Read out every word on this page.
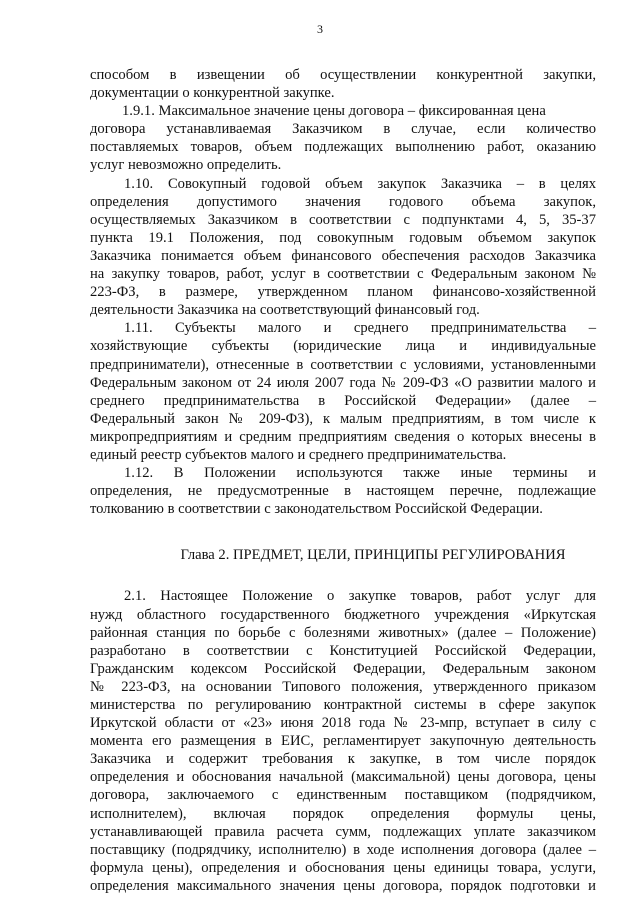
3
способом в извещении об осуществлении конкурентной закупки,
документации о конкурентной закупке.
1.9.1. Максимальное значение цены договора – фиксированная цена
договора устанавливаемая Заказчиком в случае, если количество
поставляемых товаров, объем подлежащих выполнению работ, оказанию
услуг невозможно определить.
1.10. Совокупный годовой объем закупок Заказчика – в целях
определения допустимого значения годового объема закупок,
осуществляемых Заказчиком в соответствии с подпунктами 4, 5, 35-37
пункта 19.1 Положения, под совокупным годовым объемом закупок
Заказчика понимается объем финансового обеспечения расходов Заказчика
на закупку товаров, работ, услуг в соответствии с Федеральным законом №
223-ФЗ, в размере, утвержденном планом финансово-хозяйственной
деятельности Заказчика на соответствующий финансовый год.
1.11. Субъекты малого и среднего предпринимательства –
хозяйствующие субъекты (юридические лица и индивидуальные
предприниматели), отнесенные в соответствии с условиями, установленными
Федеральным законом от 24 июля 2007 года № 209-ФЗ «О развитии малого и
среднего предпринимательства в Российской Федерации» (далее –
Федеральный закон № 209-ФЗ), к малым предприятиям, в том числе к
микропредприятиям и средним предприятиям сведения о которых внесены в
единый реестр субъектов малого и среднего предпринимательства.
1.12. В Положении используются также иные термины и
определения, не предусмотренные в настоящем перечне, подлежащие
толкованию в соответствии с законодательством Российской Федерации.
Глава 2. ПРЕДМЕТ, ЦЕЛИ, ПРИНЦИПЫ РЕГУЛИРОВАНИЯ
2.1. Настоящее Положение о закупке товаров, работ услуг для
нужд областного государственного бюджетного учреждения «Иркутская
районная станция по борьбе с болезнями животных» (далее – Положение)
разработано в соответствии с Конституцией Российской Федерации,
Гражданским кодексом Российской Федерации, Федеральным законом
№ 223-ФЗ, на основании Типового положения, утвержденного приказом
министерства по регулированию контрактной системы в сфере закупок
Иркутской области от «23» июня 2018 года № 23-мпр, вступает в силу с
момента его размещения в ЕИС, регламентирует закупочную деятельность
Заказчика и содержит требования к закупке, в том числе порядок
определения и обоснования начальной (максимальной) цены договора, цены
договора, заключаемого с единственным поставщиком (подрядчиком,
исполнителем), включая порядок определения формулы цены,
устанавливающей правила расчета сумм, подлежащих уплате заказчиком
поставщику (подрядчику, исполнителю) в ходе исполнения договора (далее –
формула цены), определения и обоснования цены единицы товара, услуги,
определения максимального значения цены договора, порядок подготовки и
